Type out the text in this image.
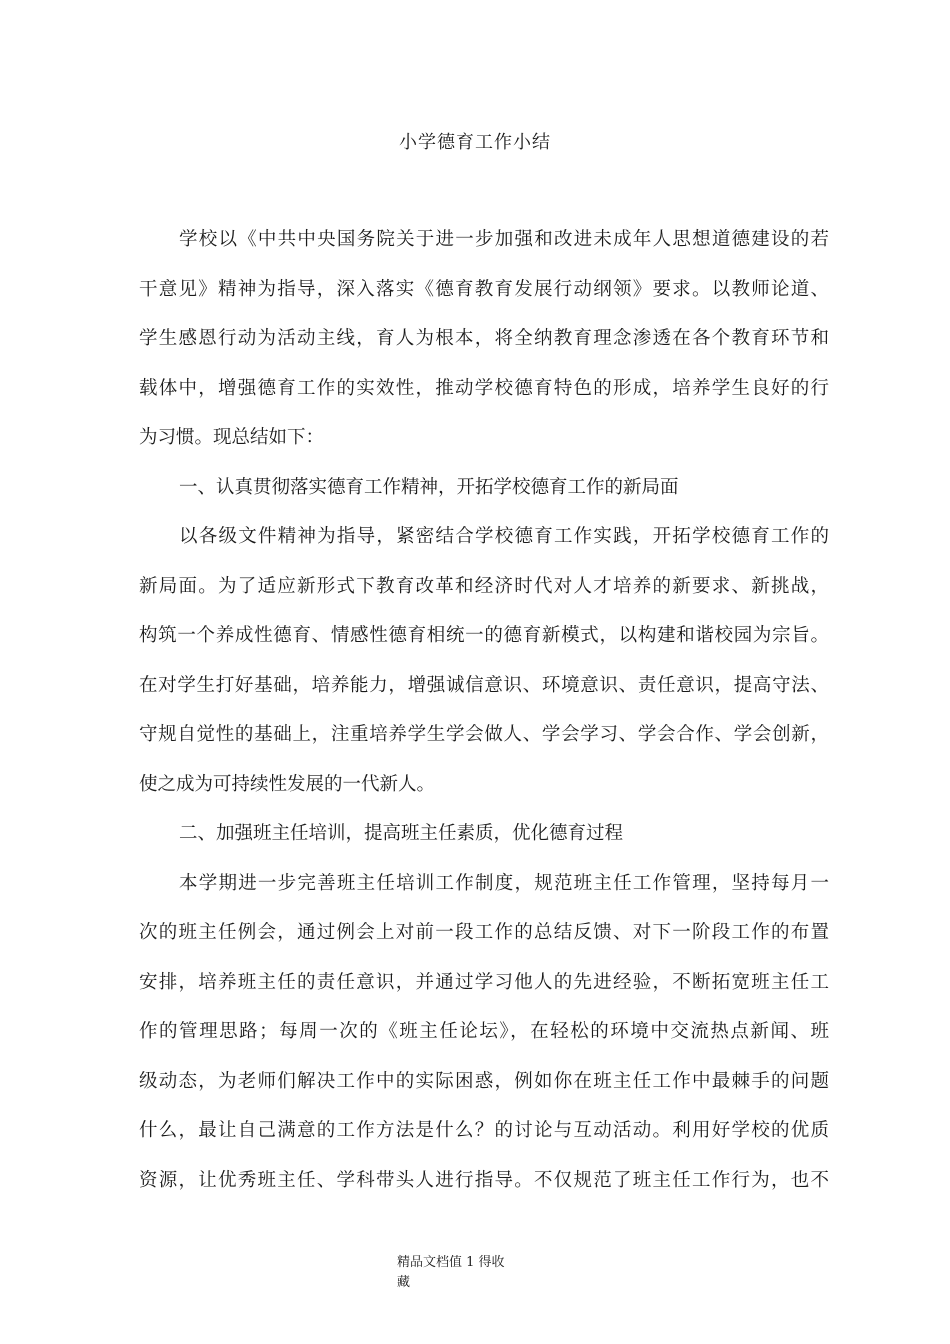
小学德育工作小结
学校以《中共中央国务院关于进一步加强和改进未成年人思想道德建设的若
干意见》精神为指导，深入落实《德育教育发展行动纲领》要求。以教师论道、
学生感恩行动为活动主线，育人为根本，将全纳教育理念渗透在各个教育环节和
载体中，增强德育工作的实效性，推动学校德育特色的形成，培养学生良好的行
为习惯。现总结如下：
一、认真贯彻落实德育工作精神，开拓学校德育工作的新局面
以各级文件精神为指导，紧密结合学校德育工作实践，开拓学校德育工作的
新局面。为了适应新形式下教育改革和经济时代对人才培养的新要求、新挑战，
构筑一个养成性德育、情感性德育相统一的德育新模式，以构建和谐校园为宗旨。
在对学生打好基础，培养能力，增强诚信意识、环境意识、责任意识，提高守法、
守规自觉性的基础上，注重培养学生学会做人、学会学习、学会合作、学会创新，
使之成为可持续性发展的一代新人。
二、加强班主任培训，提高班主任素质，优化德育过程
本学期进一步完善班主任培训工作制度，规范班主任工作管理，坚持每月一
次的班主任例会，通过例会上对前一段工作的总结反馈、对下一阶段工作的布置
安排，培养班主任的责任意识，并通过学习他人的先进经验，不断拓宽班主任工
作的管理思路；每周一次的《班主任论坛》，在轻松的环境中交流热点新闻、班
级动态，为老师们解决工作中的实际困惑，例如你在班主任工作中最棘手的问题
什么，最让自己满意的工作方法是什么？的讨论与互动活动。利用好学校的优质
资源，让优秀班主任、学科带头人进行指导。不仅规范了班主任工作行为，也不
精品文档值 1 得收
藏
